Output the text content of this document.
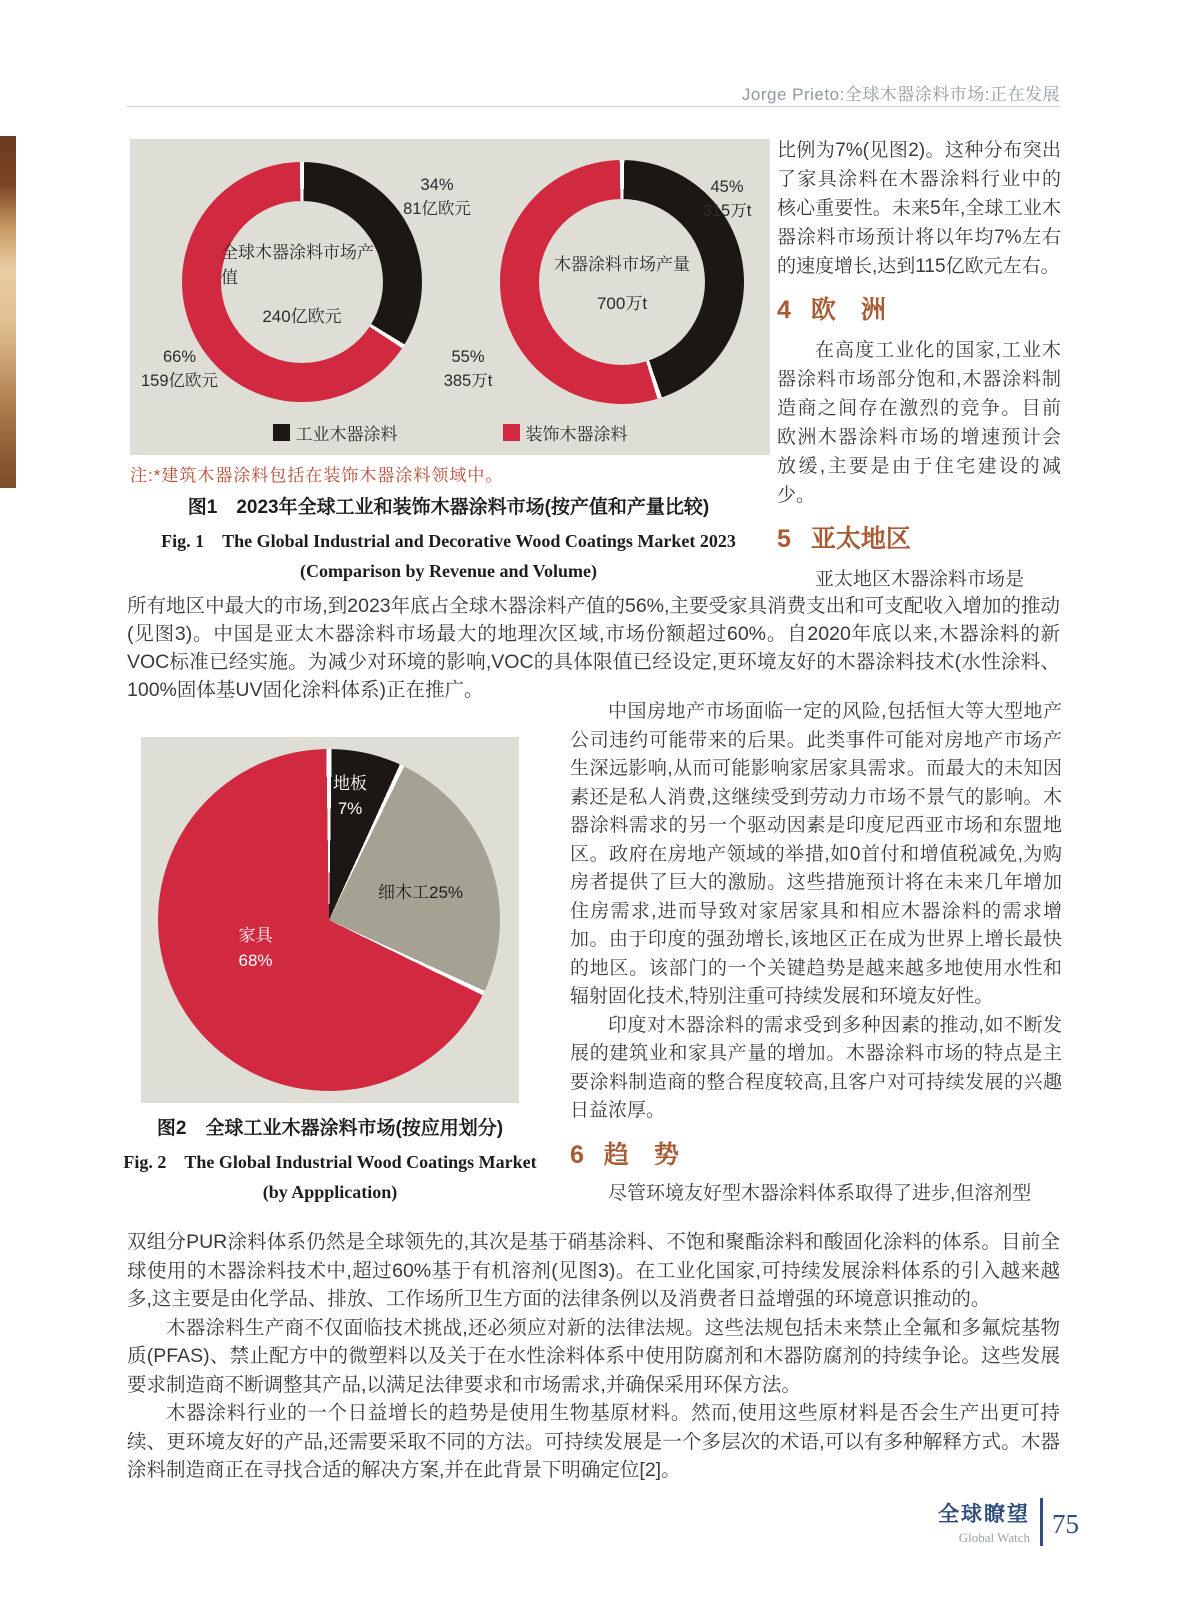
Jorge Prieto:全球木器涂料市场:正在发展
全球木器涂料市场产值
240亿欧元
34%
81亿欧元
66%
159亿欧元
木器涂料市场产量
700万t
45%
315万t
55%
385万t
工业木器涂料	装饰木器涂料
注:*建筑木器涂料包括在装饰木器涂料领域中。
图1　2023年全球工业和装饰木器涂料市场(按产值和产量比较)
Fig. 1　The Global Industrial and Decorative Wood Coatings Market 2023
(Comparison by Revenue and Volume)

比例为7%(见图2)。这种分布突出了家具涂料在木器涂料行业中的核心重要性。未来5年,全球工业木器涂料市场预计将以年均7%左右的速度增长,达到115亿欧元左右。

4 欧　洲

在高度工业化的国家,工业木器涂料市场部分饱和,木器涂料制造商之间存在激烈的竞争。目前欧洲木器涂料市场的增速预计会放缓,主要是由于住宅建设的减少。

5 亚太地区

亚太地区木器涂料市场是

所有地区中最大的市场,到2023年底占全球木器涂料产值的56%,主要受家具消费支出和可支配收入增加的推动(见图3)。中国是亚太木器涂料市场最大的地理次区域,市场份额超过60%。自2020年底以来,木器涂料的新VOC标准已经实施。为减少对环境的影响,VOC的具体限值已经设定,更环境友好的木器涂料技术(水性涂料、100%固体基UV固化涂料体系)正在推广。
地板
7%
细木工25%
家具
68%
图2　全球工业木器涂料市场(按应用划分)
Fig. 2　The Global Industrial Wood Coatings Market
(by Appplication)

中国房地产市场面临一定的风险,包括恒大等大型地产公司违约可能带来的后果。此类事件可能对房地产市场产生深远影响,从而可能影响家居家具需求。而最大的未知因素还是私人消费,这继续受到劳动力市场不景气的影响。木器涂料需求的另一个驱动因素是印度尼西亚市场和东盟地区。政府在房地产领域的举措,如0首付和增值税减免,为购房者提供了巨大的激励。这些措施预计将在未来几年增加住房需求,进而导致对家居家具和相应木器涂料的需求增加。由于印度的强劲增长,该地区正在成为世界上增长最快的地区。该部门的一个关键趋势是越来越多地使用水性和辐射固化技术,特别注重可持续发展和环境友好性。

印度对木器涂料的需求受到多种因素的推动,如不断发展的建筑业和家具产量的增加。木器涂料市场的特点是主要涂料制造商的整合程度较高,且客户对可持续发展的兴趣日益浓厚。

6 趋　势

尽管环境友好型木器涂料体系取得了进步,但溶剂型

双组分PUR涂料体系仍然是全球领先的,其次是基于硝基涂料、不饱和聚酯涂料和酸固化涂料的体系。目前全球使用的木器涂料技术中,超过60%基于有机溶剂(见图3)。在工业化国家,可持续发展涂料体系的引入越来越多,这主要是由化学品、排放、工作场所卫生方面的法律条例以及消费者日益增强的环境意识推动的。

木器涂料生产商不仅面临技术挑战,还必须应对新的法律法规。这些法规包括未来禁止全氟和多氟烷基物质(PFAS)、禁止配方中的微塑料以及关于在水性涂料体系中使用防腐剂和木器防腐剂的持续争论。这些发展要求制造商不断调整其产品,以满足法律要求和市场需求,并确保采用环保方法。

木器涂料行业的一个日益增长的趋势是使用生物基原材料。然而,使用这些原材料是否会生产出更可持续、更环境友好的产品,还需要采取不同的方法。可持续发展是一个多层次的术语,可以有多种解释方式。木器涂料制造商正在寻找合适的解决方案,并在此背景下明确定位[2]。

全球瞭望
Global Watch 75
